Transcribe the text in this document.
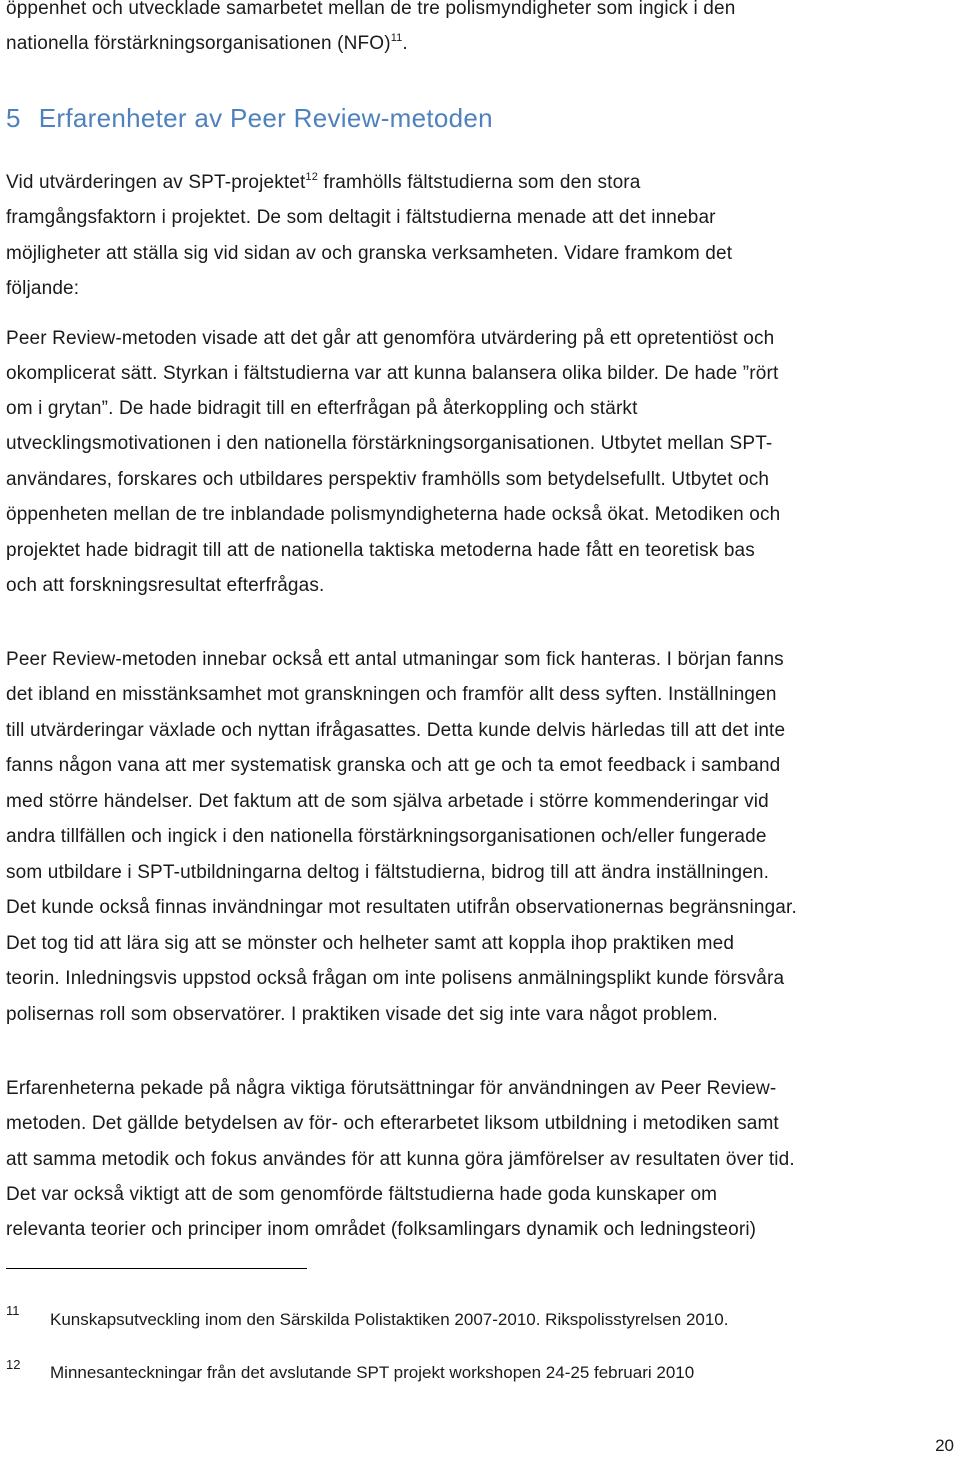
öppenhet och utvecklade samarbetet mellan de tre polismyndigheter som ingick i den
nationella förstärkningsorganisationen (NFO)$^{11}$.
5 Erfarenheter av Peer Review-metoden
Vid utvärderingen av SPT-projektet$^{12}$ framhölls fältstudierna som den stora
framgångsfaktorn i projektet. De som deltagit i fältstudierna menade att det innebar
möjligheter att ställa sig vid sidan av och granska verksamheten. Vidare framkom det
följande:
Peer Review-metoden visade att det går att genomföra utvärdering på ett opretentiöst och
okomplicerat sätt. Styrkan i fältstudierna var att kunna balansera olika bilder. De hade ”rört
om i grytan”. De hade bidragit till en efterfrågan på återkoppling och stärkt
utvecklingsmotivationen i den nationella förstärkningsorganisationen. Utbytet mellan SPT-
användares, forskares och utbildares perspektiv framhölls som betydelsefullt. Utbytet och
öppenheten mellan de tre inblandade polismyndigheterna hade också ökat. Metodiken och
projektet hade bidragit till att de nationella taktiska metoderna hade fått en teoretisk bas
och att forskningsresultat efterfrågas.
Peer Review-metoden innebar också ett antal utmaningar som fick hanteras. I början fanns
det ibland en misstänksamhet mot granskningen och framför allt dess syften. Inställningen
till utvärderingar växlade och nyttan ifrågasattes. Detta kunde delvis härledas till att det inte
fanns någon vana att mer systematisk granska och att ge och ta emot feedback i samband
med större händelser. Det faktum att de som själva arbetade i större kommenderingar vid
andra tillfällen och ingick i den nationella förstärkningsorganisationen och/eller fungerade
som utbildare i SPT-utbildningarna deltog i fältstudierna, bidrog till att ändra inställningen.
Det kunde också finnas invändningar mot resultaten utifrån observationernas begränsningar.
Det tog tid att lära sig att se mönster och helheter samt att koppla ihop praktiken med
teorin. Inledningsvis uppstod också frågan om inte polisens anmälningsplikt kunde försvåra
polisernas roll som observatörer. I praktiken visade det sig inte vara något problem.
Erfarenheterna pekade på några viktiga förutsättningar för användningen av Peer Review-
metoden. Det gällde betydelsen av för- och efterarbetet liksom utbildning i metodiken samt
att samma metodik och fokus användes för att kunna göra jämförelser av resultaten över tid.
Det var också viktigt att de som genomförde fältstudierna hade goda kunskaper om
relevanta teorier och principer inom området (folksamlingars dynamik och ledningsteori)
11 Kunskapsutveckling inom den Särskilda Polistaktiken 2007-2010. Rikspolisstyrelsen 2010.
12 Minnesanteckningar från det avslutande SPT projekt workshopen 24-25 februari 2010
20
